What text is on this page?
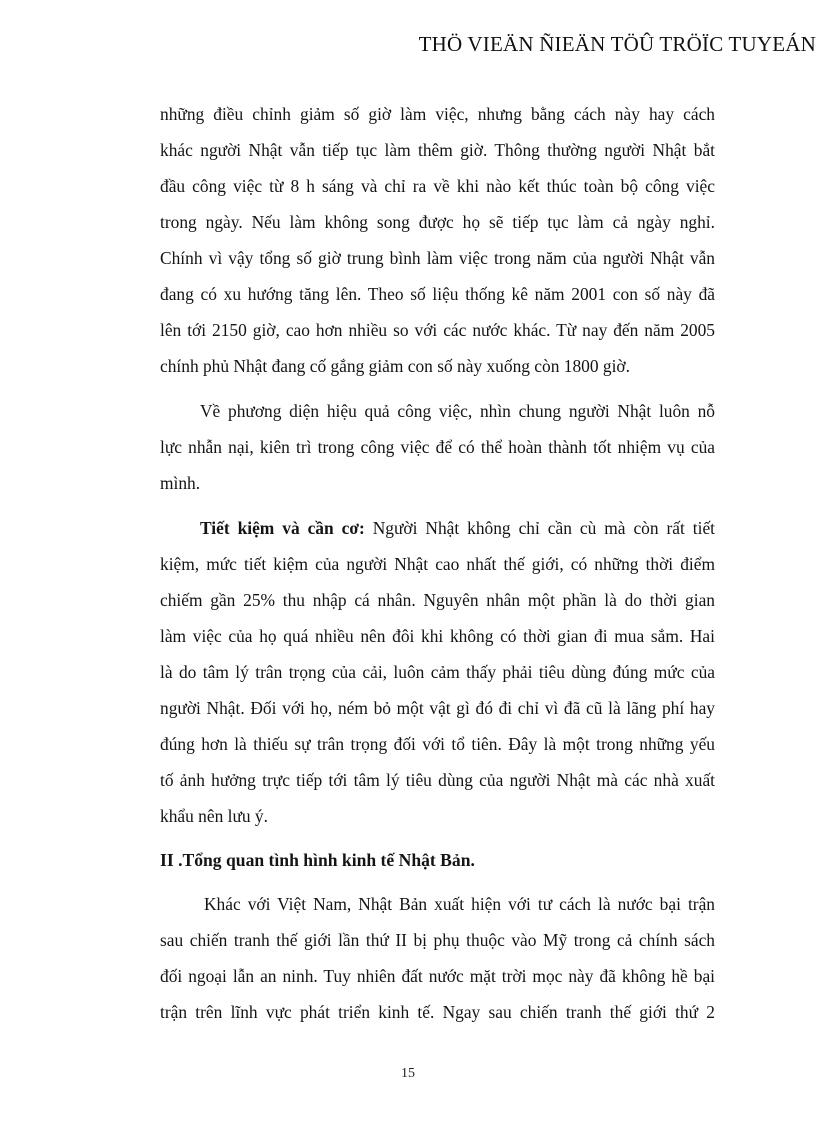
THÖ VIEÄN ÑIEÄN TÖÛ TRÖÏC TUYEÁN
những điều chỉnh giảm số giờ làm việc, nhưng bằng cách này hay cách
khác người Nhật vẫn tiếp tục làm thêm giờ. Thông thường người Nhật bắt
đầu công việc từ 8 h sáng và chỉ ra về khi nào kết thúc toàn bộ công việc
trong ngày. Nếu làm không song được họ sẽ tiếp tục làm cả ngày nghỉ.
Chính vì vậy tổng số giờ trung bình làm việc trong năm của người Nhật vẫn
đang có xu hướng tăng lên. Theo số liệu thống kê năm 2001 con số này đã
lên tới 2150 giờ, cao hơn nhiều so với các nước khác. Từ nay đến năm 2005
chính phủ Nhật đang cố gắng giảm con số này xuống còn 1800 giờ.
Về phương diện hiệu quả công việc, nhìn chung người Nhật luôn nỗ
lực nhẫn nại, kiên trì trong công việc để có thể hoàn thành tốt nhiệm vụ của
mình.
Tiết kiệm và cần cơ: Người Nhật không chỉ cần cù mà còn rất tiết
kiệm, mức tiết kiệm của người Nhật cao nhất thế giới, có những thời điểm
chiếm gần 25% thu nhập cá nhân. Nguyên nhân một phần là do thời gian
làm việc của họ quá nhiều nên đôi khi không có thời gian đi mua sắm. Hai
là do tâm lý trân trọng của cải, luôn cảm thấy phải tiêu dùng đúng mức của
người Nhật. Đối với họ, ném bỏ một vật gì đó đi chỉ vì đã cũ là lãng phí hay
đúng hơn là thiếu sự trân trọng đối với tổ tiên. Đây là một trong những yếu
tố ảnh hưởng trực tiếp tới tâm lý tiêu dùng của người Nhật mà các nhà xuất
khẩu nên lưu ý.
II .Tổng quan tình hình kinh tế Nhật Bản.
Khác với Việt Nam, Nhật Bản xuất hiện với tư cách là nước bại trận
sau chiến tranh thế giới lần thứ II bị phụ thuộc vào Mỹ trong cả chính sách
đối ngoại lẫn an ninh. Tuy nhiên đất nước mặt trời mọc này đã không hề bại
trận trên lĩnh vực phát triển kinh tế. Ngay sau chiến tranh thế giới thứ 2
15
